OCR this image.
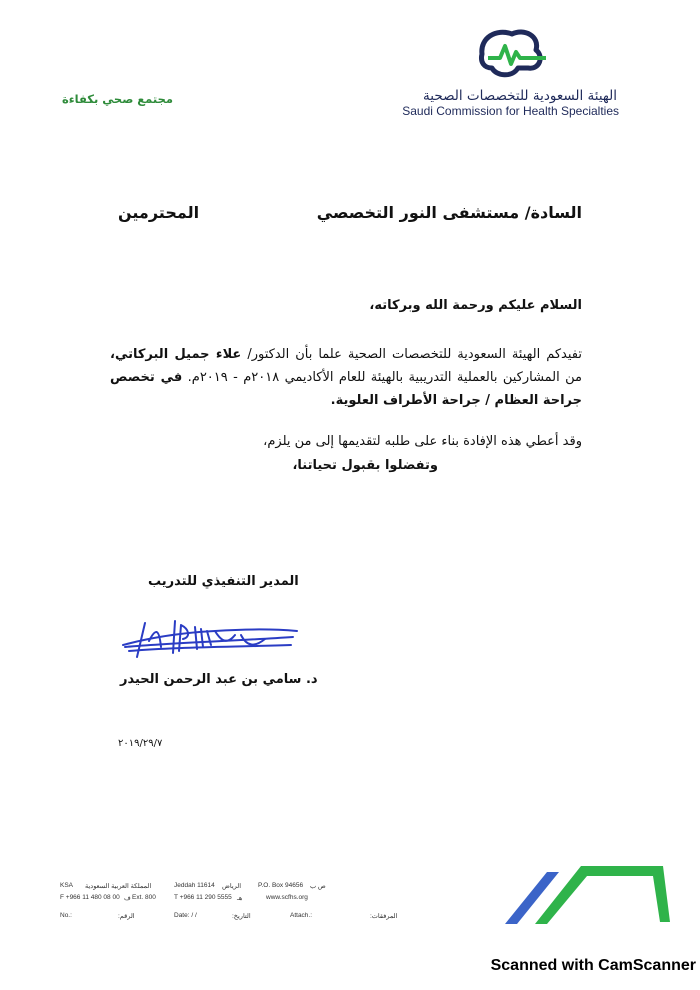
مجتمع صحي بكفاءة	الهيئة السعودية للتخصصات الصحية
Saudi Commission for Health Specialties
السادة/ مستشفى النور التخصصي
المحترمين
السلام عليكم ورحمة الله وبركاته،
تفيدكم الهيئة السعودية للتخصصات الصحية علما بأن الدكتور/ علاء جميل البركاتي، من المشاركين بالعملية التدريبية بالهيئة للعام الأكاديمي ٢٠١٨م - ٢٠١٩م. في تخصص جراحة العظام / جراحة الأطراف العلوية.
وقد أعطي هذه الإفادة بناء على طلبه لتقديمها إلى من يلزم،
وتفضلوا بقبول تحياتنا،
المدير التنفيذي للتدريب
د. سامي بن عبد الرحمن الحيدر
٢٠١٩/٢٩/٧
KSA المملكة العربية السعودية	Jeddah 11614 الرياض	P.O. Box 94656 ص ب
F +966 11 480 08 00 ف Ext. 800	T +966 11 290 5555 هـ	www.scfhs.org
No.:	الرقم:	Date: / /	التاريخ:	Attach.:	المرفقات:
Scanned with CamScanner
